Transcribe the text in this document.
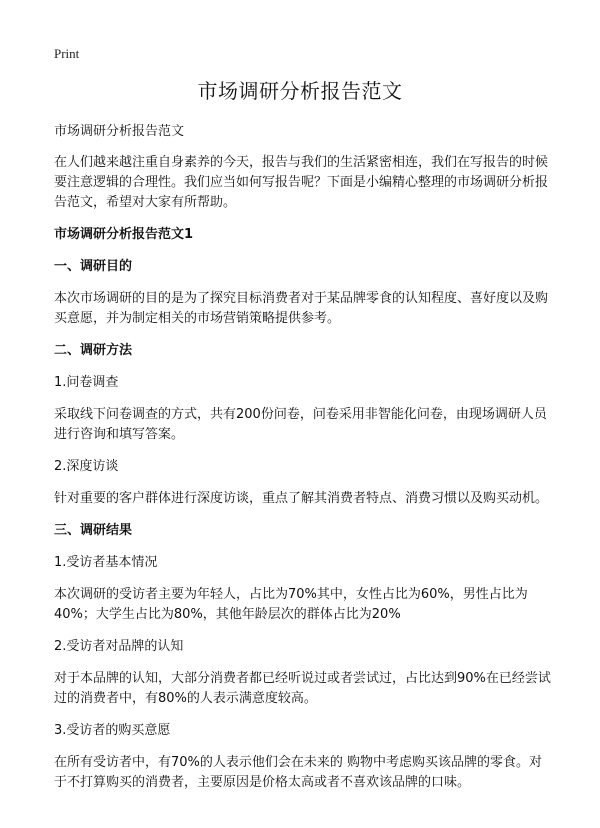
Print
市场调研分析报告范文

市场调研分析报告范文

在人们越来越注重自身素养的今天，报告与我们的生活紧密相连，我们在写报告的时候要注意逻辑的合理性。我们应当如何写报告呢？下面是小编精心整理的市场调研分析报告范文，希望对大家有所帮助。

市场调研分析报告范文1

一、调研目的

本次市场调研的目的是为了探究目标消费者对于某品牌零食的认知程度、喜好度以及购买意愿，并为制定相关的市场营销策略提供参考。

二、调研方法

1.问卷调查

采取线下问卷调查的方式，共有200份问卷，问卷采用非智能化问卷，由现场调研人员进行咨询和填写答案。

2.深度访谈

针对重要的客户群体进行深度访谈，重点了解其消费者特点、消费习惯以及购买动机。

三、调研结果

1.受访者基本情况

本次调研的受访者主要为年轻人，占比为70%其中，女性占比为60%，男性占比为40%；大学生占比为80%，其他年龄层次的群体占比为20%

2.受访者对品牌的认知

对于本品牌的认知，大部分消费者都已经听说过或者尝试过，占比达到90%在已经尝试过的消费者中，有80%的人表示满意度较高。

3.受访者的购买意愿

在所有受访者中，有70%的人表示他们会在未来的 购物中考虑购买该品牌的零食。对于不打算购买的消费者，主要原因是价格太高或者不喜欢该品牌的口味。
